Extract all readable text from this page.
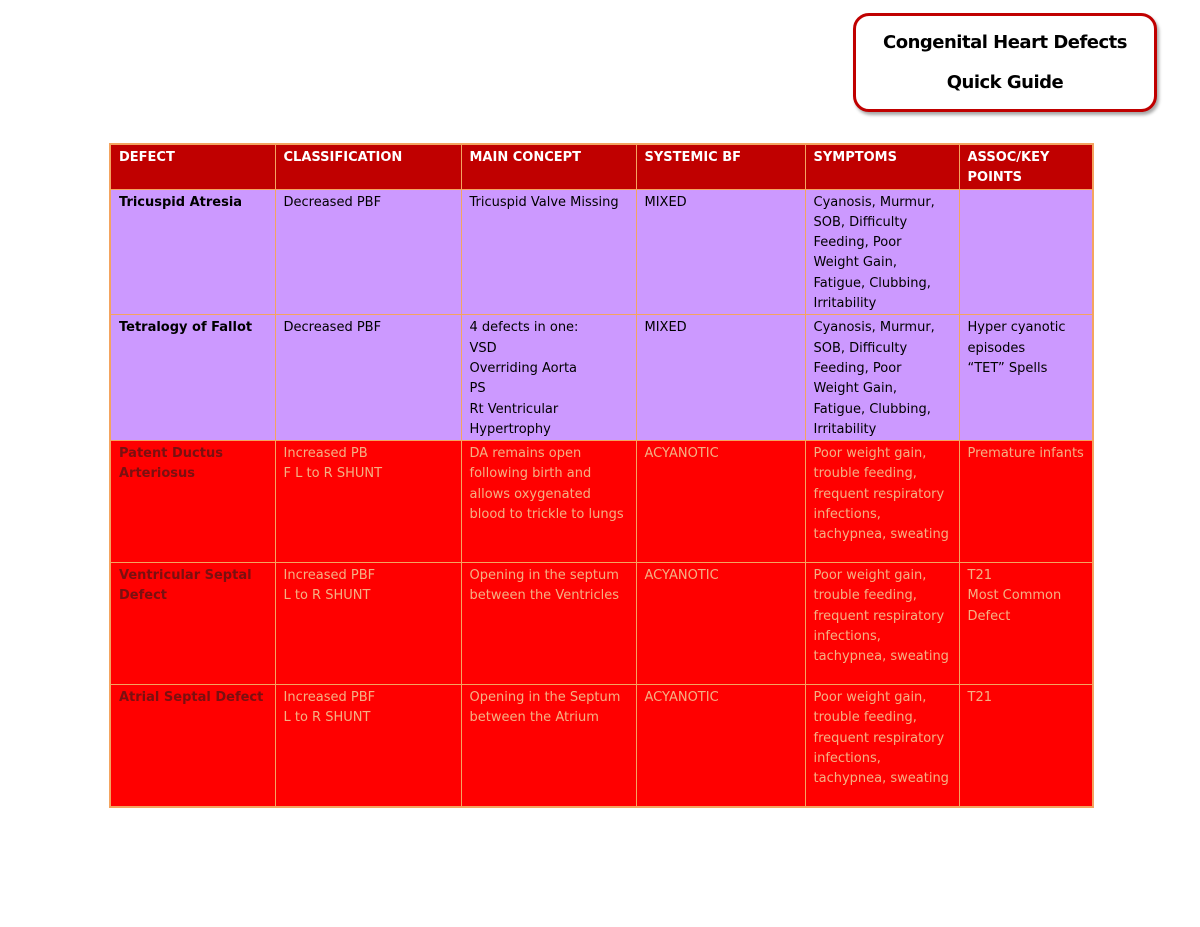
Congenital Heart Defects
Quick Guide
DEFECT	CLASSIFICATION	MAIN CONCEPT	SYSTEMIC BF	SYMPTOMS	ASSOC/KEY POINTS
Tricuspid Atresia	Decreased PBF	Tricuspid Valve Missing	MIXED	Cyanosis, Murmur, SOB, Difficulty Feeding, Poor Weight Gain, Fatigue, Clubbing, Irritability	
Tetralogy of Fallot	Decreased PBF	4 defects in one:
VSD
Overriding Aorta
PS
Rt Ventricular Hypertrophy	MIXED	Cyanosis, Murmur, SOB, Difficulty Feeding, Poor Weight Gain, Fatigue, Clubbing, Irritability	Hyper cyanotic episodes
“TET” Spells
Patent Ductus Arteriosus	Increased PB
F L to R SHUNT	DA remains open following birth and allows oxygenated blood to trickle to lungs	ACYANOTIC	Poor weight gain, trouble feeding, frequent respiratory infections, tachypnea, sweating	Premature infants
Ventricular Septal Defect	Increased PBF
L to R SHUNT	Opening in the septum between the Ventricles	ACYANOTIC	Poor weight gain, trouble feeding, frequent respiratory infections, tachypnea, sweating	T21
Most Common Defect
Atrial Septal Defect	Increased PBF
L to R SHUNT	Opening in the Septum between the Atrium	ACYANOTIC	Poor weight gain, trouble feeding, frequent respiratory infections, tachypnea, sweating	T21
